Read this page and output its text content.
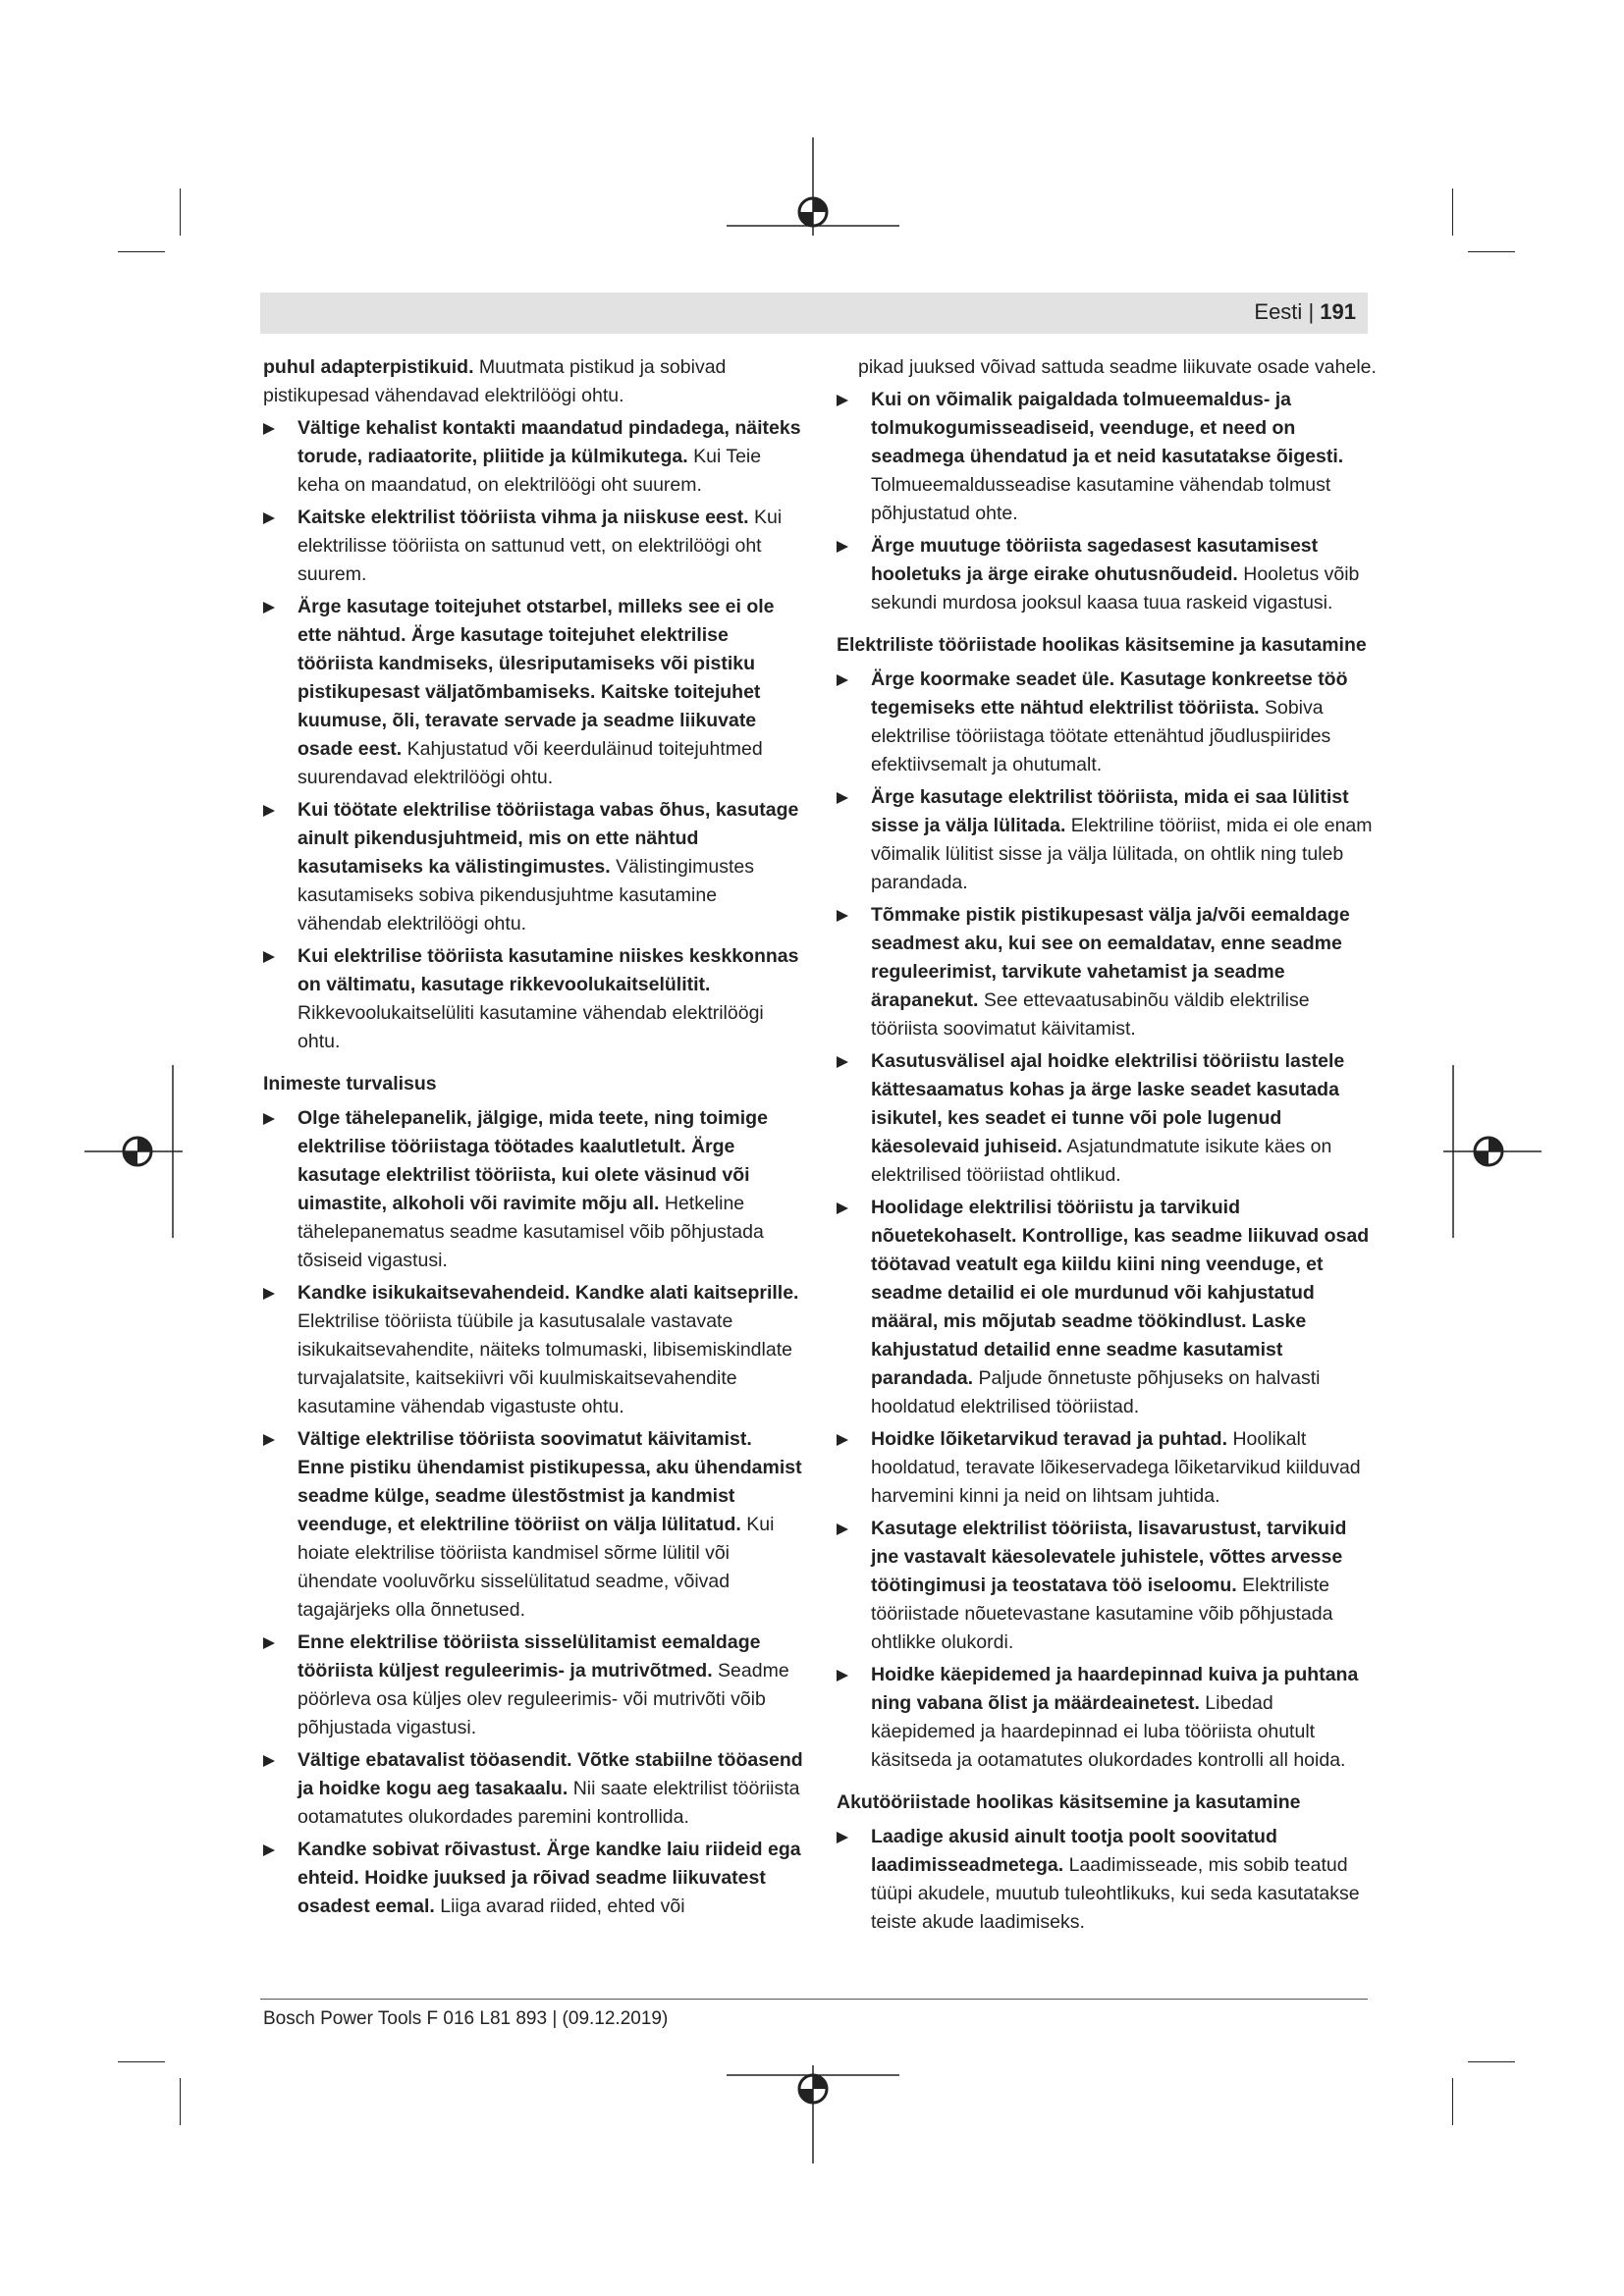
Eesti | 191
puhul adapterpistikuid. Muutmata pistikud ja sobivad pistikupesad vähendavad elektrilöögi ohtu.
Vältige kehalist kontakti maandatud pindadega, näiteks torude, radiaatorite, pliitide ja külmikutega. Kui Teie keha on maandatud, on elektrilöögi oht suurem.
Kaitske elektrilist tööriista vihma ja niiskuse eest. Kui elektrilisse tööriista on sattunud vett, on elektrilöögi oht suurem.
Ärge kasutage toitejuhet otstarbel, milleks see ei ole ette nähtud. Ärge kasutage toitejuhet elektrilise tööriista kandmiseks, ülesriputamiseks või pistiku pistikupesast väljatõmbamiseks. Kaitske toitejuhet kuumuse, õli, teravate servade ja seadme liikuvate osade eest. Kahjustatud või keerduläinud toitejuhtmed suurendavad elektrilöögi ohtu.
Kui töötate elektrilise tööriistaga vabas õhus, kasutage ainult pikendusjuhtmeid, mis on ette nähtud kasutamiseks ka välistingimustes. Välistingimustes kasutamiseks sobiva pikendusjuhtme kasutamine vähendab elektrilöögi ohtu.
Kui elektrilise tööriista kasutamine niiskes keskkonnas on vältimatu, kasutage rikkevoolukaitselülitit. Rikkevoolukaitselüliti kasutamine vähendab elektrilöögi ohtu.
Inimeste turvalisus
Olge tähelepanelik, jälgige, mida teete, ning toimige elektrilise tööriistaga töötades kaalutletult. Ärge kasutage elektrilist tööriista, kui olete väsinud või uimastite, alkoholi või ravimite mõju all. Hetkeline tähelepanematus seadme kasutamisel võib põhjustada tõsiseid vigastusi.
Kandke isikukaitsevahendeid. Kandke alati kaitseprille. Elektrilise tööriista tüübile ja kasutusalale vastavate isikukaitsevahendite, näiteks tolmumaski, libisemiskindlate turvajalatsite, kaitsekiivri või kuulmiskaitsevahendite kasutamine vähendab vigastuste ohtu.
Vältige elektrilise tööriista soovimatut käivitamist. Enne pistiku ühendamist pistikupessa, aku ühendamist seadme külge, seadme ülestõstmist ja kandmist veenduge, et elektriline tööriist on välja lülitatud. Kui hoiate elektrilise tööriista kandmisel sõrme lülitil või ühendate vooluvõrku sisselülitatud seadme, võivad tagajärjeks olla õnnetused.
Enne elektrilise tööriista sisselülitamist eemaldage tööriista küljest reguleerimis- ja mutrivõtmed. Seadme pöörleva osa küljes olev reguleerimis- või mutrivõti võib põhjustada vigastusi.
Vältige ebatavalist tööasendit. Võtke stabiilne tööasend ja hoidke kogu aeg tasakaalu. Nii saate elektrilist tööriista ootamatutes olukordades paremini kontrollida.
Kandke sobivat rõivastust. Ärge kandke laiu riideid ega ehteid. Hoidke juuksed ja rõivad seadme liikuvatest osadest eemal. Liiga avarad riided, ehted või
pikad juuksed võivad sattuda seadme liikuvate osade vahele.
Kui on võimalik paigaldada tolmueemaldus- ja tolmukogumisseadiseid, veenduge, et need on seadmega ühendatud ja et neid kasutatakse õigesti. Tolmueemaldusseadise kasutamine vähendab tolmust põhjustatud ohte.
Ärge muutuge tööriista sagedasest kasutamisest hooletuks ja ärge eirake ohutusnõudeid. Hooletus võib sekundi murdosa jooksul kaasa tuua raskeid vigastusi.
Elektriliste tööriistade hoolikas käsitsemine ja kasutamine
Ärge koormake seadet üle. Kasutage konkreetse töö tegemiseks ette nähtud elektrilist tööriista. Sobiva elektrilise tööriistaga töötate ettenähtud jõudluspiirides efektiivsemalt ja ohutumalt.
Ärge kasutage elektrilist tööriista, mida ei saa lülitist sisse ja välja lülitada. Elektriline tööriist, mida ei ole enam võimalik lülitist sisse ja välja lülitada, on ohtlik ning tuleb parandada.
Tõmmake pistik pistikupesast välja ja/või eemaldage seadmest aku, kui see on eemaldatav, enne seadme reguleerimist, tarvikute vahetamist ja seadme ärapanekut. See ettevaatusabinõu väldib elektrilise tööriista soovimatut käivitamist.
Kasutusvälisel ajal hoidke elektrilisi tööriistu lastele kättesaamatus kohas ja ärge laske seadet kasutada isikutel, kes seadet ei tunne või pole lugenud käesolevaid juhiseid. Asjatundmatute isikute käes on elektrilised tööriistad ohtlikud.
Hoolidage elektrilisi tööriistu ja tarvikuid nõuetekohaselt. Kontrollige, kas seadme liikuvad osad töötavad veatult ega kiildu kiini ning veenduge, et seadme detailid ei ole murdunud või kahjustatud määral, mis mõjutab seadme töökindlust. Laske kahjustatud detailid enne seadme kasutamist parandada. Paljude õnnetuste põhjuseks on halvasti hooldatud elektrilised tööriistad.
Hoidke lõiketarvikud teravad ja puhtad. Hoolikalt hooldatud, teravate lõikeservadega lõiketarvikud kiilduvad harvemini kinni ja neid on lihtsam juhtida.
Kasutage elektrilist tööriista, lisavarustust, tarvikuid jne vastavalt käesolevatele juhistele, võttes arvesse töötingimusi ja teostatava töö iseloomu. Elektriliste tööriistade nõuetevastane kasutamine võib põhjustada ohtlikke olukordi.
Hoidke käepidemed ja haardepinnad kuiva ja puhtana ning vabana õlist ja määrdeainetest. Libedad käepidemed ja haardepinnad ei luba tööriista ohutult käsitseda ja ootamatutes olukordades kontrolli all hoida.
Akutööriistade hoolikas käsitsemine ja kasutamine
Laadige akusid ainult tootja poolt soovitatud laadimisseadmetega. Laadimisseade, mis sobib teatud tüüpi akudele, muutub tuleohtlikuks, kui seda kasutatakse teiste akude laadimiseks.
Bosch Power Tools F 016 L81 893 | (09.12.2019)
